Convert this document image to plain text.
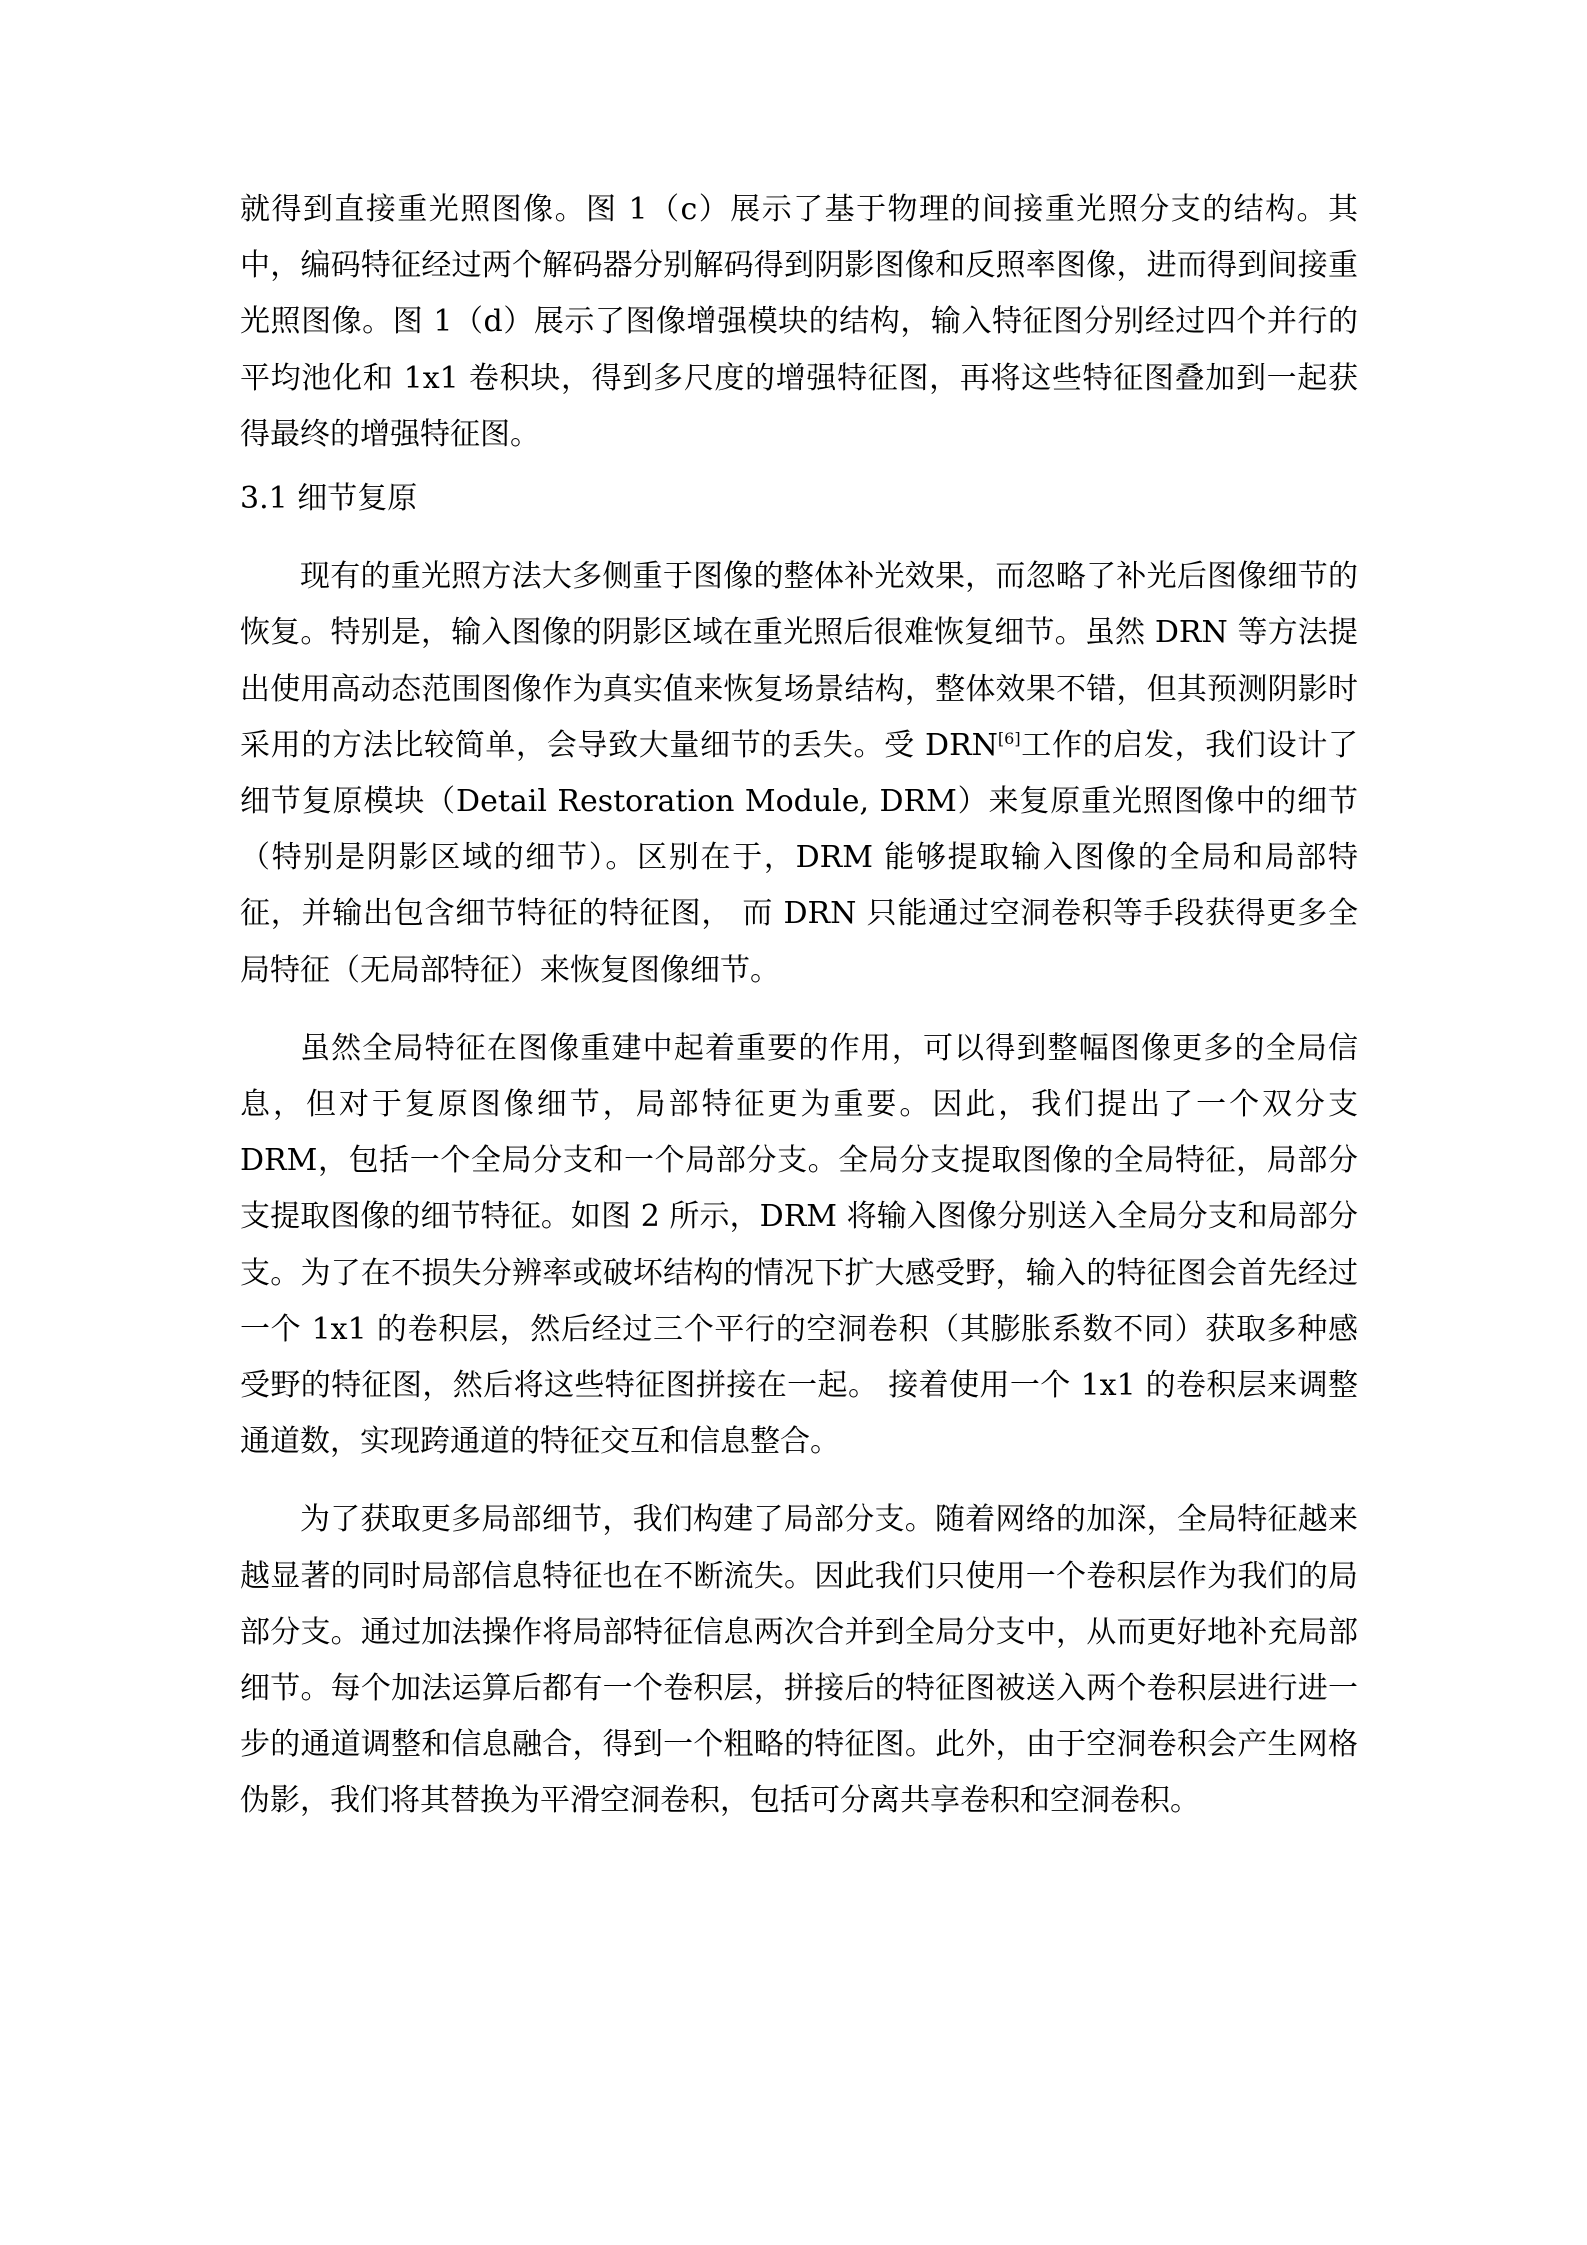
就得到直接重光照图像。图 1（c）展示了基于物理的间接重光照分支的结构。其中，编码特征经过两个解码器分别解码得到阴影图像和反照率图像，进而得到间接重光照图像。图 1（d）展示了图像增强模块的结构，输入特征图分别经过四个并行的平均池化和 1x1 卷积块，得到多尺度的增强特征图，再将这些特征图叠加到一起获得最终的增强特征图。

3.1 细节复原

现有的重光照方法大多侧重于图像的整体补光效果，而忽略了补光后图像细节的恢复。特别是，输入图像的阴影区域在重光照后很难恢复细节。虽然 DRN 等方法提出使用高动态范围图像作为真实值来恢复场景结构，整体效果不错，但其预测阴影时采用的方法比较简单，会导致大量细节的丢失。受 DRN[6]工作的启发，我们设计了细节复原模块（Detail Restoration Module, DRM）来复原重光照图像中的细节（特别是阴影区域的细节）。区别在于，DRM 能够提取输入图像的全局和局部特征，并输出包含细节特征的特征图， 而 DRN 只能通过空洞卷积等手段获得更多全局特征（无局部特征）来恢复图像细节。

虽然全局特征在图像重建中起着重要的作用，可以得到整幅图像更多的全局信息，但对于复原图像细节，局部特征更为重要。因此，我们提出了一个双分支 DRM，包括一个全局分支和一个局部分支。全局分支提取图像的全局特征，局部分支提取图像的细节特征。如图 2 所示，DRM 将输入图像分别送入全局分支和局部分支。为了在不损失分辨率或破坏结构的情况下扩大感受野，输入的特征图会首先经过一个 1x1 的卷积层，然后经过三个平行的空洞卷积（其膨胀系数不同）获取多种感受野的特征图，然后将这些特征图拼接在一起。 接着使用一个 1x1 的卷积层来调整通道数，实现跨通道的特征交互和信息整合。

为了获取更多局部细节，我们构建了局部分支。随着网络的加深，全局特征越来越显著的同时局部信息特征也在不断流失。因此我们只使用一个卷积层作为我们的局部分支。通过加法操作将局部特征信息两次合并到全局分支中，从而更好地补充局部细节。每个加法运算后都有一个卷积层，拼接后的特征图被送入两个卷积层进行进一步的通道调整和信息融合，得到一个粗略的特征图。此外，由于空洞卷积会产生网格伪影，我们将其替换为平滑空洞卷积，包括可分离共享卷积和空洞卷积。
